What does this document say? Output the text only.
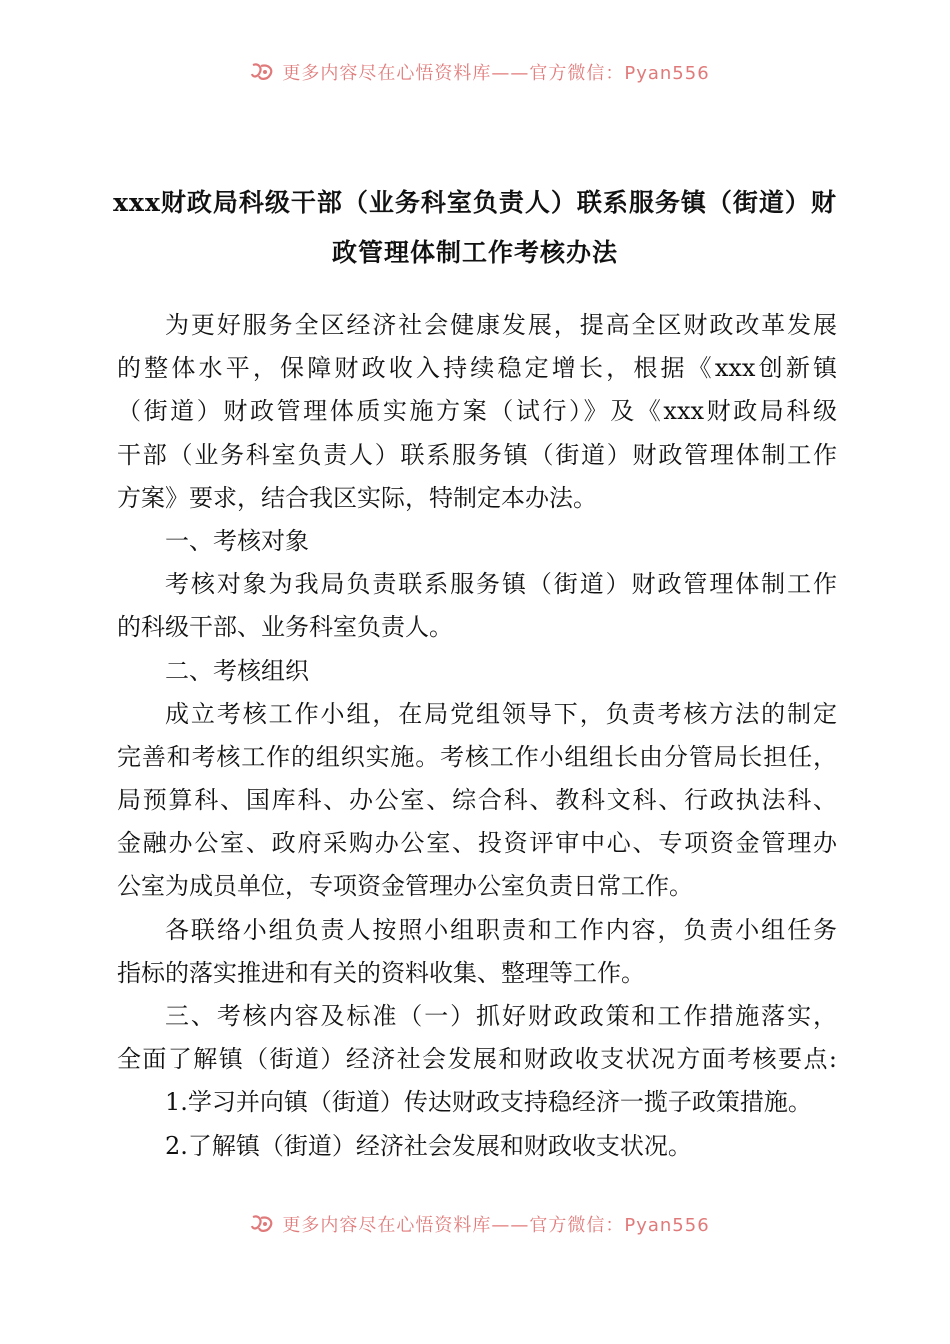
更多内容尽在心悟资料库——官方微信：Pyan556
xxx财政局科级干部（业务科室负责人）联系服务镇（街道）财
政管理体制工作考核办法
为更好服务全区经济社会健康发展，提高全区财政改革发展
的整体水平，保障财政收入持续稳定增长，根据《xxx创新镇
（街道）财政管理体质实施方案（试行）》及《xxx财政局科级
干部（业务科室负责人）联系服务镇（街道）财政管理体制工作
方案》要求，结合我区实际，特制定本办法。
一、考核对象
考核对象为我局负责联系服务镇（街道）财政管理体制工作
的科级干部、业务科室负责人。
二、考核组织
成立考核工作小组，在局党组领导下，负责考核方法的制定
完善和考核工作的组织实施。考核工作小组组长由分管局长担任，
局预算科、国库科、办公室、综合科、教科文科、行政执法科、
金融办公室、政府采购办公室、投资评审中心、专项资金管理办
公室为成员单位，专项资金管理办公室负责日常工作。
各联络小组负责人按照小组职责和工作内容，负责小组任务
指标的落实推进和有关的资料收集、整理等工作。
三、考核内容及标准（一）抓好财政政策和工作措施落实，
全面了解镇（街道）经济社会发展和财政收支状况方面考核要点:
1.学习并向镇（街道）传达财政支持稳经济一揽子政策措施。
2.了解镇（街道）经济社会发展和财政收支状况。
更多内容尽在心悟资料库——官方微信：Pyan556
